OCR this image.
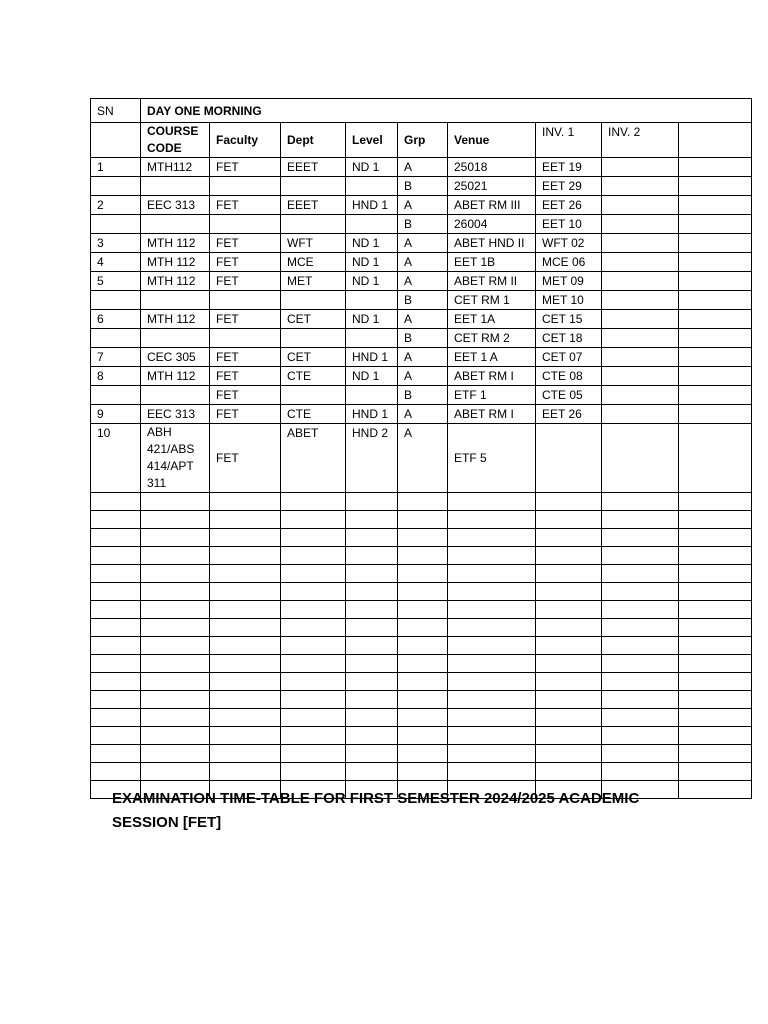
SN	DAY ONE MORNING								
	COURSE CODE	Faculty	Dept	Level	Grp	Venue	INV. 1	INV. 2	
1	MTH112	FET	EEET	ND 1	A	25018	EET 19		
					B	25021	EET 29		
2	EEC 313	FET	EEET	HND 1	A	ABET RM III	EET 26		
					B	26004	EET 10		
3	MTH 112	FET	WFT	ND 1	A	ABET HND II	WFT 02		
4	MTH 112	FET	MCE	ND 1	A	EET 1B	MCE 06		
5	MTH 112	FET	MET	ND 1	A	ABET RM II	MET 09		
					B	CET RM 1	MET 10		
6	MTH 112	FET	CET	ND 1	A	EET 1A	CET 15		
					B	CET RM 2	CET 18		
7	CEC 305	FET	CET	HND 1	A	EET 1 A	CET 07		
8	MTH 112	FET	CTE	ND 1	A	ABET RM I	CTE 08		
		FET			B	ETF 1	CTE 05		
9	EEC 313	FET	CTE	HND 1	A	ABET RM I	EET 26		
10	ABH 421/ABS 414/APT 311	FET	ABET	HND 2	A	ETF 5			

EXAMINATION TIME-TABLE FOR FIRST SEMESTER 2024/2025 ACADEMIC SESSION [FET]
